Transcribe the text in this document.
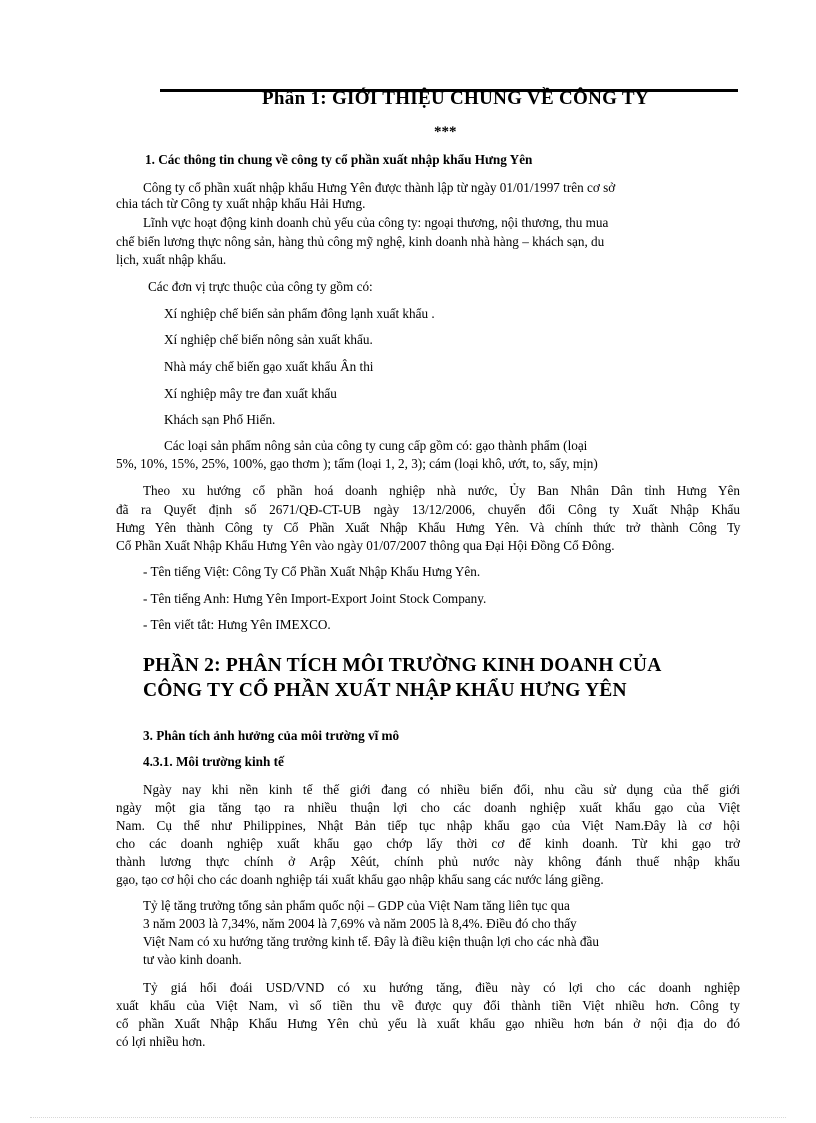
Phần 1: GIỚI THIỆU CHUNG VỀ CÔNG TY
***
1. Các thông tin chung về công ty cổ phần xuất nhập khẩu Hưng Yên
Công ty cổ phần xuất nhập khẩu Hưng Yên được thành lập từ ngày 01/01/1997 trên cơ sở
chia tách từ Công ty xuất nhập khẩu Hải Hưng.
Lĩnh vực hoạt động kinh doanh chủ yếu của công ty: ngoại thương, nội thương, thu mua
chế biến lương thực nông sản, hàng thủ công mỹ nghệ, kinh doanh nhà hàng – khách sạn, du
lịch, xuất nhập khẩu.
Các đơn vị trực thuộc của công ty gồm có:
Xí nghiệp chế biến sản phẩm đông lạnh xuất khẩu .
Xí nghiệp chế biến nông sản xuất khẩu.
Nhà máy chế biến gạo xuất khẩu Ân thi
Xí nghiệp mây tre đan xuất khẩu
Khách sạn Phố Hiến.
Các loại sản phẩm nông sản của công ty cung cấp gồm có: gạo thành phẩm (loại
5%, 10%, 15%, 25%, 100%, gạo thơm ); tấm (loại 1, 2, 3); cám (loại khô, ướt, to, sấy, mịn)
Theo xu hướng cổ phần hoá doanh nghiệp nhà nước, Ủy Ban Nhân Dân tỉnh Hưng Yên
đã ra Quyết định số 2671/QĐ-CT-UB ngày 13/12/2006, chuyển đổi Công ty Xuất Nhập Khẩu
Hưng Yên thành Công ty Cổ Phần Xuất Nhập Khẩu Hưng Yên. Và chính thức trở thành Công Ty
Cổ Phần Xuất Nhập Khẩu Hưng Yên vào ngày 01/07/2007 thông qua Đại Hội Đồng Cổ Đông.
- Tên tiếng Việt: Công Ty Cổ Phần Xuất Nhập Khẩu Hưng Yên.
- Tên tiếng Anh: Hưng Yên Import-Export Joint Stock Company.
- Tên viết tắt: Hưng Yên IMEXCO.
PHẦN 2: PHÂN TÍCH MÔI TRƯỜNG KINH DOANH CỦA
CÔNG TY CỔ PHẦN XUẤT NHẬP KHẨU HƯNG YÊN
3. Phân tích ảnh hưởng của môi trường vĩ mô
4.3.1. Môi trường kinh tế
Ngày nay khi nền kinh tế thế giới đang có nhiều biến đổi, nhu cầu sử dụng của thế giới
ngày một gia tăng tạo ra nhiều thuận lợi cho các doanh nghiệp xuất khẩu gạo của Việt
Nam. Cụ thể như Philippines, Nhật Bản tiếp tục nhập khẩu gạo của Việt Nam.Đây là cơ hội
cho các doanh nghiệp xuất khẩu gạo chớp lấy thời cơ để kinh doanh. Từ khi gạo trở
thành lương thực chính ở Arập Xêút, chính phủ nước này không đánh thuế nhập khẩu
gạo, tạo cơ hội cho các doanh nghiệp tái xuất khẩu gạo nhập khẩu sang các nước láng giềng.
Tỷ lệ tăng trưởng tổng sản phẩm quốc nội – GDP của Việt Nam tăng liên tục qua
3 năm 2003 là 7,34%, năm 2004 là 7,69% và năm 2005 là 8,4%. Điều đó cho thấy
Việt Nam có xu hướng tăng trưởng kinh tế. Đây là điều kiện thuận lợi cho các nhà đầu
tư vào kinh doanh.
Tỷ giá hối đoái USD/VND có xu hướng tăng, điều này có lợi cho các doanh nghiệp
xuất khẩu của Việt Nam, vì số tiền thu về được quy đổi thành tiền Việt nhiều hơn. Công ty
cổ phần Xuất Nhập Khẩu Hưng Yên chủ yếu là xuất khẩu gạo nhiều hơn bán ở nội địa do đó
có lợi nhiều hơn.
